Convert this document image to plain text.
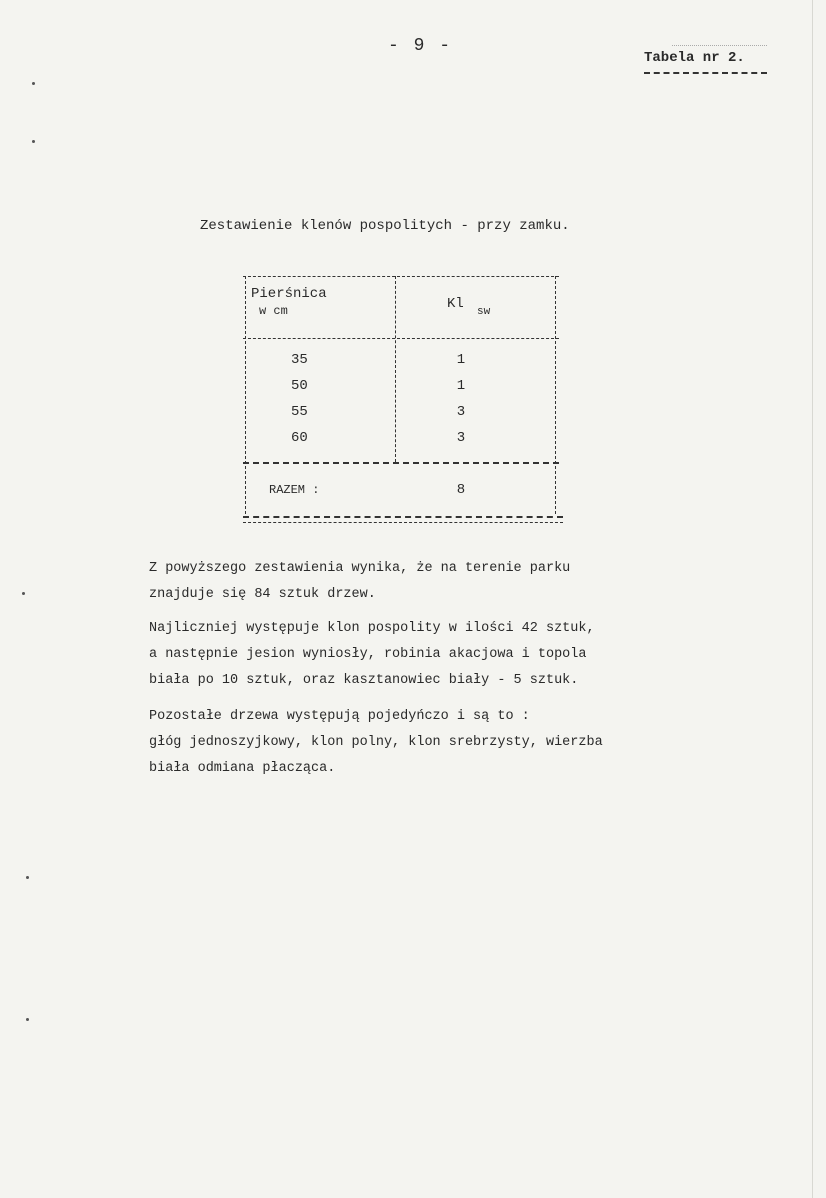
- 9 -
Tabela nr 2.
Zestawienie klenów pospolitych - przy zamku.
Pierśnica
w cm	Kl sw
35	1
50	1
55	3
60	3
RAZEM :	8
Z powyższego zestawienia wynika, że na terenie parku
znajduje się 84 sztuk drzew.
Najliczniej występuje klon pospolity w ilości 42 sztuk,
a następnie jesion wyniosły, robinia akacjowa i topola
biała po 10 sztuk, oraz kasztanowiec biały - 5 sztuk.
Pozostałe drzewa występują pojedyńczo i są to :
głóg jednoszyjkowy, klon polny, klon srebrzysty, wierzba
biała odmiana płacząca.
